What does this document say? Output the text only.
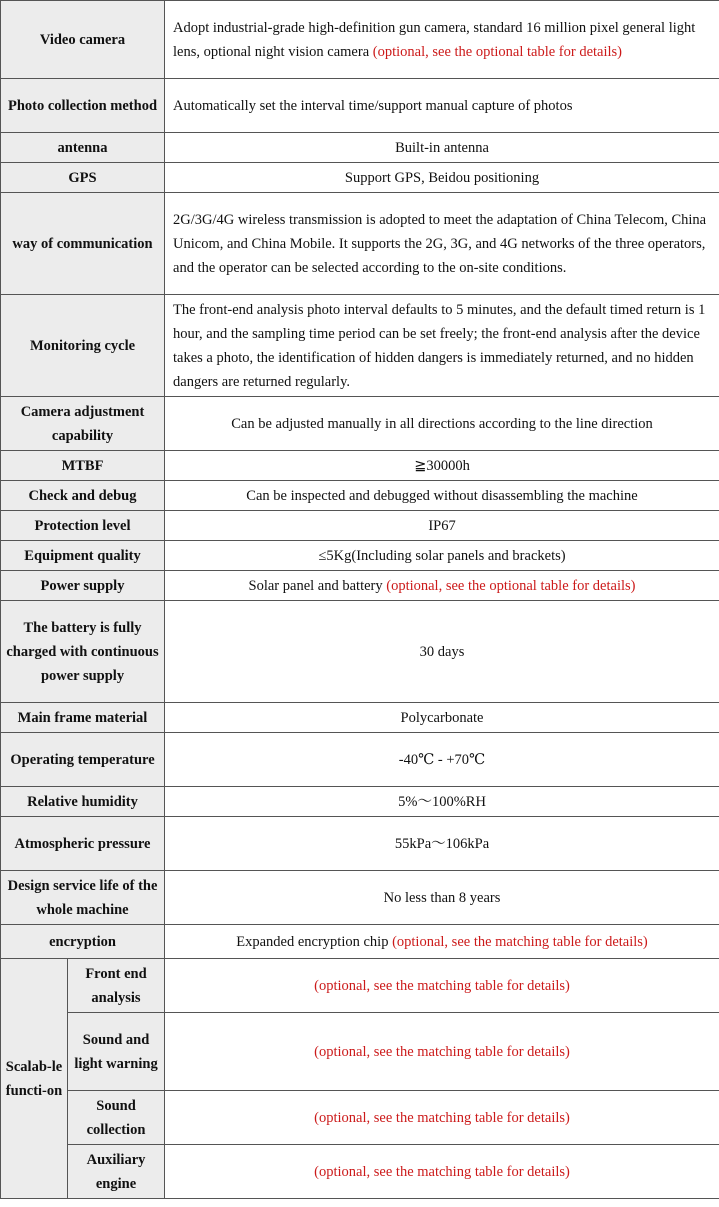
Video camera		Adopt industrial-grade high-definition gun camera, standard 16 million pixel general light lens, optional night vision camera (optional, see the optional table for details)
Photo collection method		Automatically set the interval time/support manual capture of photos
antenna		Built-in antenna
GPS		Support GPS, Beidou positioning
way of communication		2G/3G/4G wireless transmission is adopted to meet the adaptation of China Telecom, China Unicom, and China Mobile. It supports the 2G, 3G, and 4G networks of the three operators, and the operator can be selected according to the on-site conditions.
Monitoring cycle		The front-end analysis photo interval defaults to 5 minutes, and the default timed return is 1 hour, and the sampling time period can be set freely; the front-end analysis after the device takes a photo, the identification of hidden dangers is immediately returned, and no hidden dangers are returned regularly.
Camera adjustment capability		Can be adjusted manually in all directions according to the line direction
MTBF		≧30000h
Check and debug		Can be inspected and debugged without disassembling the machine
Protection level		IP67
Equipment quality		≤5Kg(Including solar panels and brackets)
Power supply		Solar panel and battery (optional, see the optional table for details)
The battery is fully charged with continuous power supply		30 days
Main frame material		Polycarbonate
Operating temperature		-40℃ - +70℃
Relative humidity		5%～100%RH
Atmospheric pressure		55kPa～106kPa
Design service life of the whole machine		No less than 8 years
encryption		Expanded encryption chip (optional, see the matching table for details)
Scalab-le functi-on	Front end analysis	(optional, see the matching table for details)
	Sound and light warning	(optional, see the matching table for details)
	Sound collection	(optional, see the matching table for details)
	Auxiliary engine	(optional, see the matching table for details)
